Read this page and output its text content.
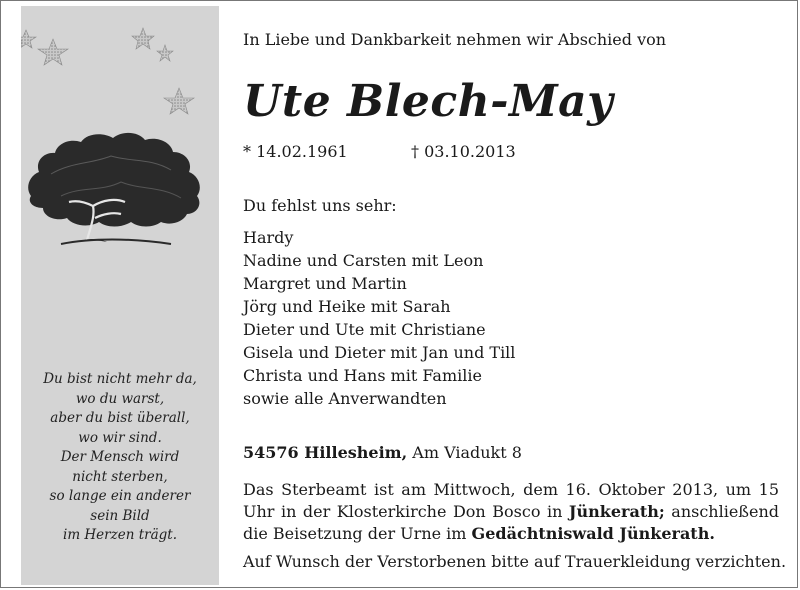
Du bist nicht mehr da,
wo du warst,
aber du bist überall,
wo wir sind.
Der Mensch wird
nicht sterben,
so lange ein anderer
sein Bild
im Herzen trägt.
In Liebe und Dankbarkeit nehmen wir Abschied von
Ute Blech-May
* 14.02.1961	† 03.10.2013
Du fehlst uns sehr:
Hardy
Nadine und Carsten mit Leon
Margret und Martin
Jörg und Heike mit Sarah
Dieter und Ute mit Christiane
Gisela und Dieter mit Jan und Till
Christa und Hans mit Familie
sowie alle Anverwandten
54576 Hillesheim, Am Viadukt 8
Das Sterbeamt ist am Mittwoch, dem 16. Oktober 2013, um 15 Uhr in der Klosterkirche Don Bosco in Jünkerath; anschließend die Beisetzung der Urne im Gedächtniswald Jünkerath.
Auf Wunsch der Verstorbenen bitte auf Trauerkleidung verzichten.
